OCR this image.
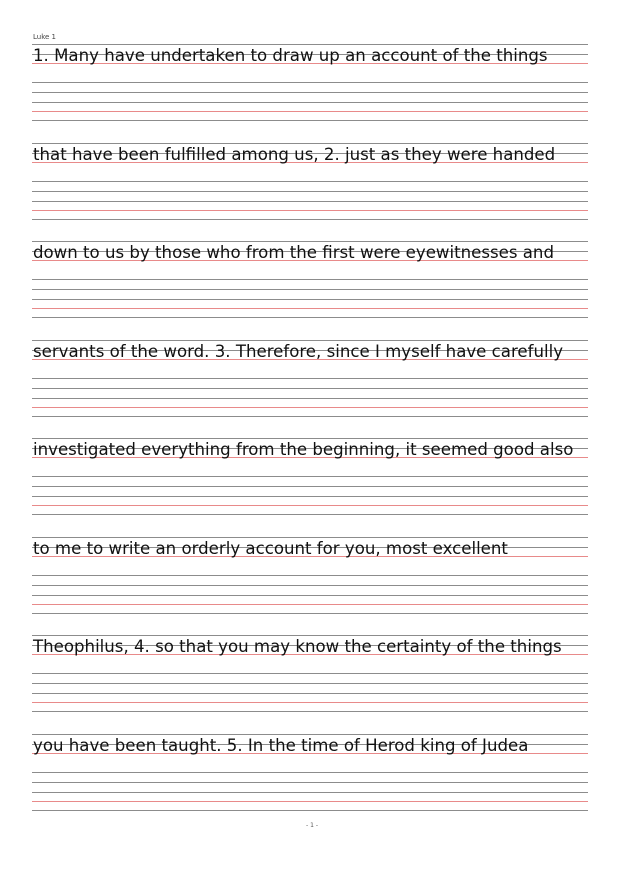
Luke 1
1. Many have undertaken to draw up an account of the things
that have been fulfilled among us, 2. just as they were handed
down to us by those who from the first were eyewitnesses and
servants of the word. 3. Therefore, since I myself have carefully
investigated everything from the beginning, it seemed good also
to me to write an orderly account for you, most excellent
Theophilus, 4. so that you may know the certainty of the things
you have been taught. 5. In the time of Herod king of Judea
- 1 -
